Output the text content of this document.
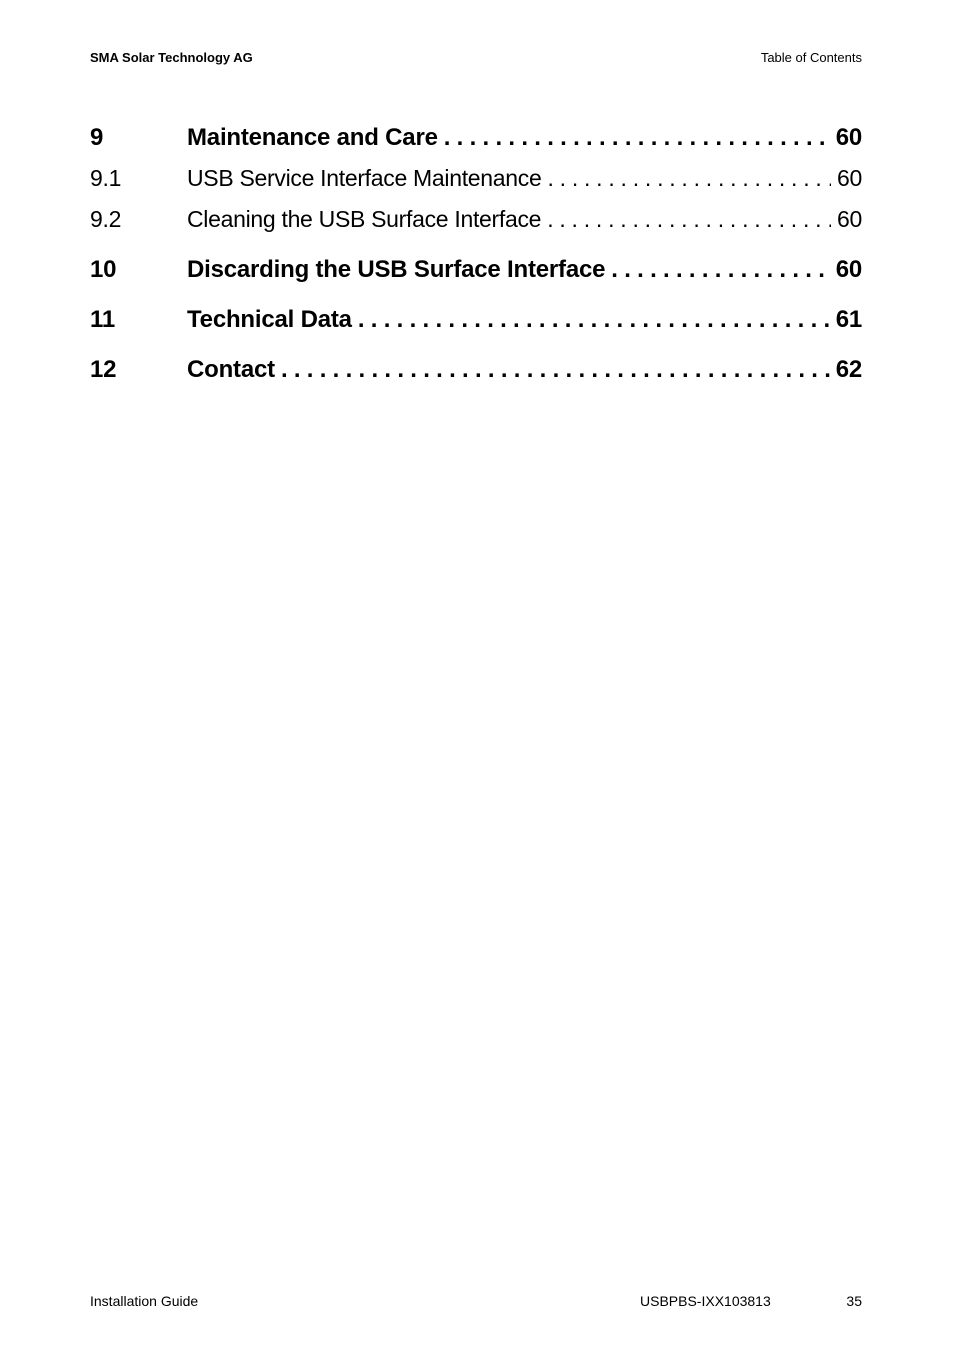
SMA Solar Technology AG	Table of Contents
9	Maintenance and Care . . .	60
9.1	USB Service Interface Maintenance . . .	60
9.2	Cleaning the USB Surface Interface . . .	60
10	Discarding the USB Surface Interface . . .	60
11	Technical Data . . .	61
12	Contact . . .	62
Installation Guide	USBPBS-IXX103813	35
